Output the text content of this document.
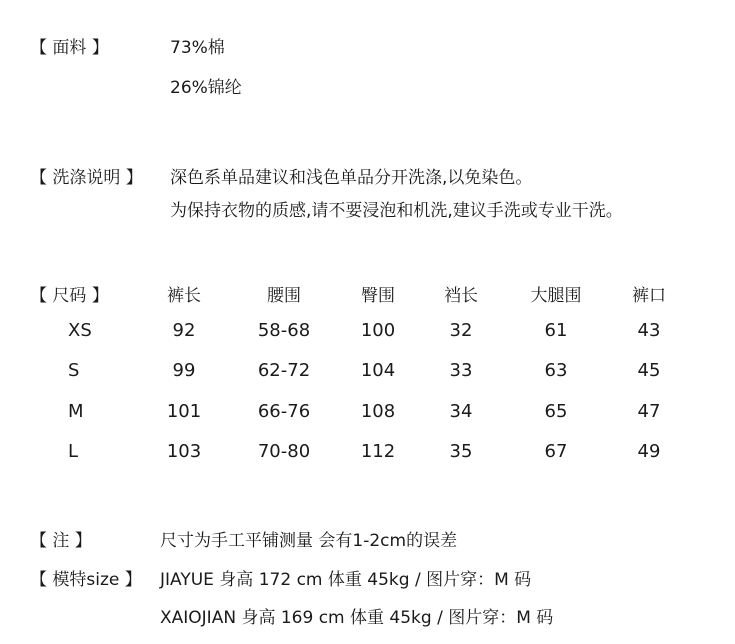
【 面料 】	73%棉
26%锦纶
【 洗涤说明 】 深色系单品建议和浅色单品分开洗涤,以免染色。
为保持衣物的质感,请不要浸泡和机洗,建议手洗或专业干洗。
【 尺码 】	裤长	腰围	臀围	裆长	大腿围	裤口
XS	92	58-68	100	32	61	43
S	99	62-72	104	33	63	45
M	101	66-76	108	34	65	47
L	103	70-80	112	35	67	49
【 注 】	尺寸为手工平铺测量 会有1-2cm的误差
【 模特size 】 JIAYUE 身高 172 cm 体重 45kg / 图片穿：M 码
XAIOJIAN 身高 169 cm 体重 45kg / 图片穿：M 码
